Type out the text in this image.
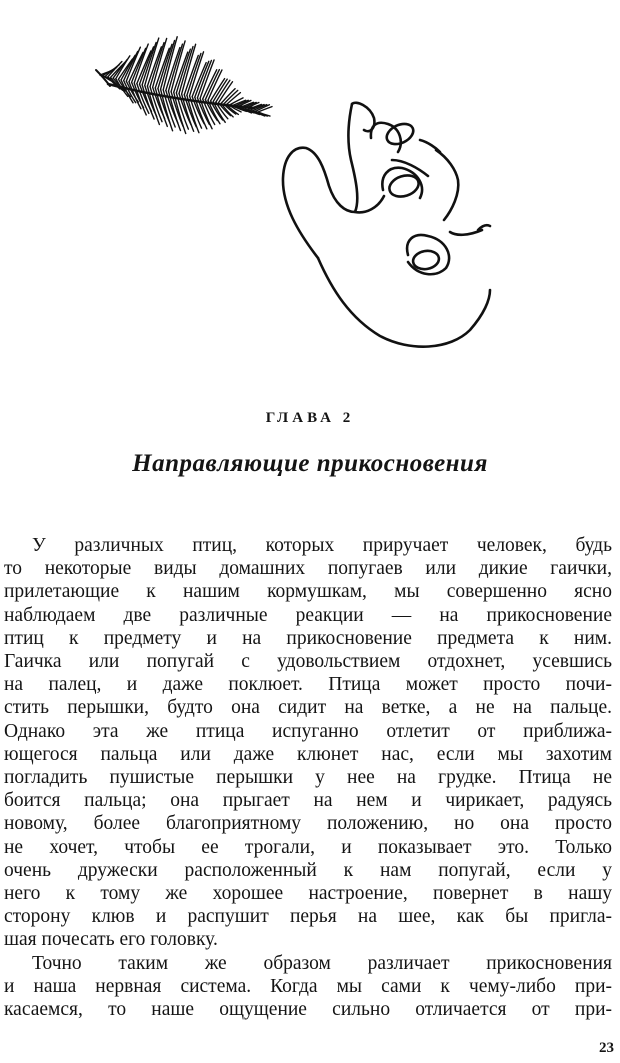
ГЛАВА 2
Направляющие прикосновения
У различных птиц, которых приручает человек, будь
то некоторые виды домашних попугаев или дикие гаички,
прилетающие к нашим кормушкам, мы совершенно ясно
наблюдаем две различные реакции — на прикосновение
птиц к предмету и на прикосновение предмета к ним.
Гаичка или попугай с удовольствием отдохнет, усевшись
на палец, и даже поклюет. Птица может просто почи-
стить перышки, будто она сидит на ветке, а не на пальце.
Однако эта же птица испуганно отлетит от приближа-
ющегося пальца или даже клюнет нас, если мы захотим
погладить пушистые перышки у нее на грудке. Птица не
боится пальца; она прыгает на нем и чирикает, радуясь
новому, более благоприятному положению, но она просто
не хочет, чтобы ее трогали, и показывает это. Только
очень дружески расположенный к нам попугай, если у
него к тому же хорошее настроение, повернет в нашу
сторону клюв и распушит перья на шее, как бы пригла-
шая почесать его головку.
Точно таким же образом различает прикосновения
и наша нервная система. Когда мы сами к чему-либо при-
касаемся, то наше ощущение сильно отличается от при-
23
